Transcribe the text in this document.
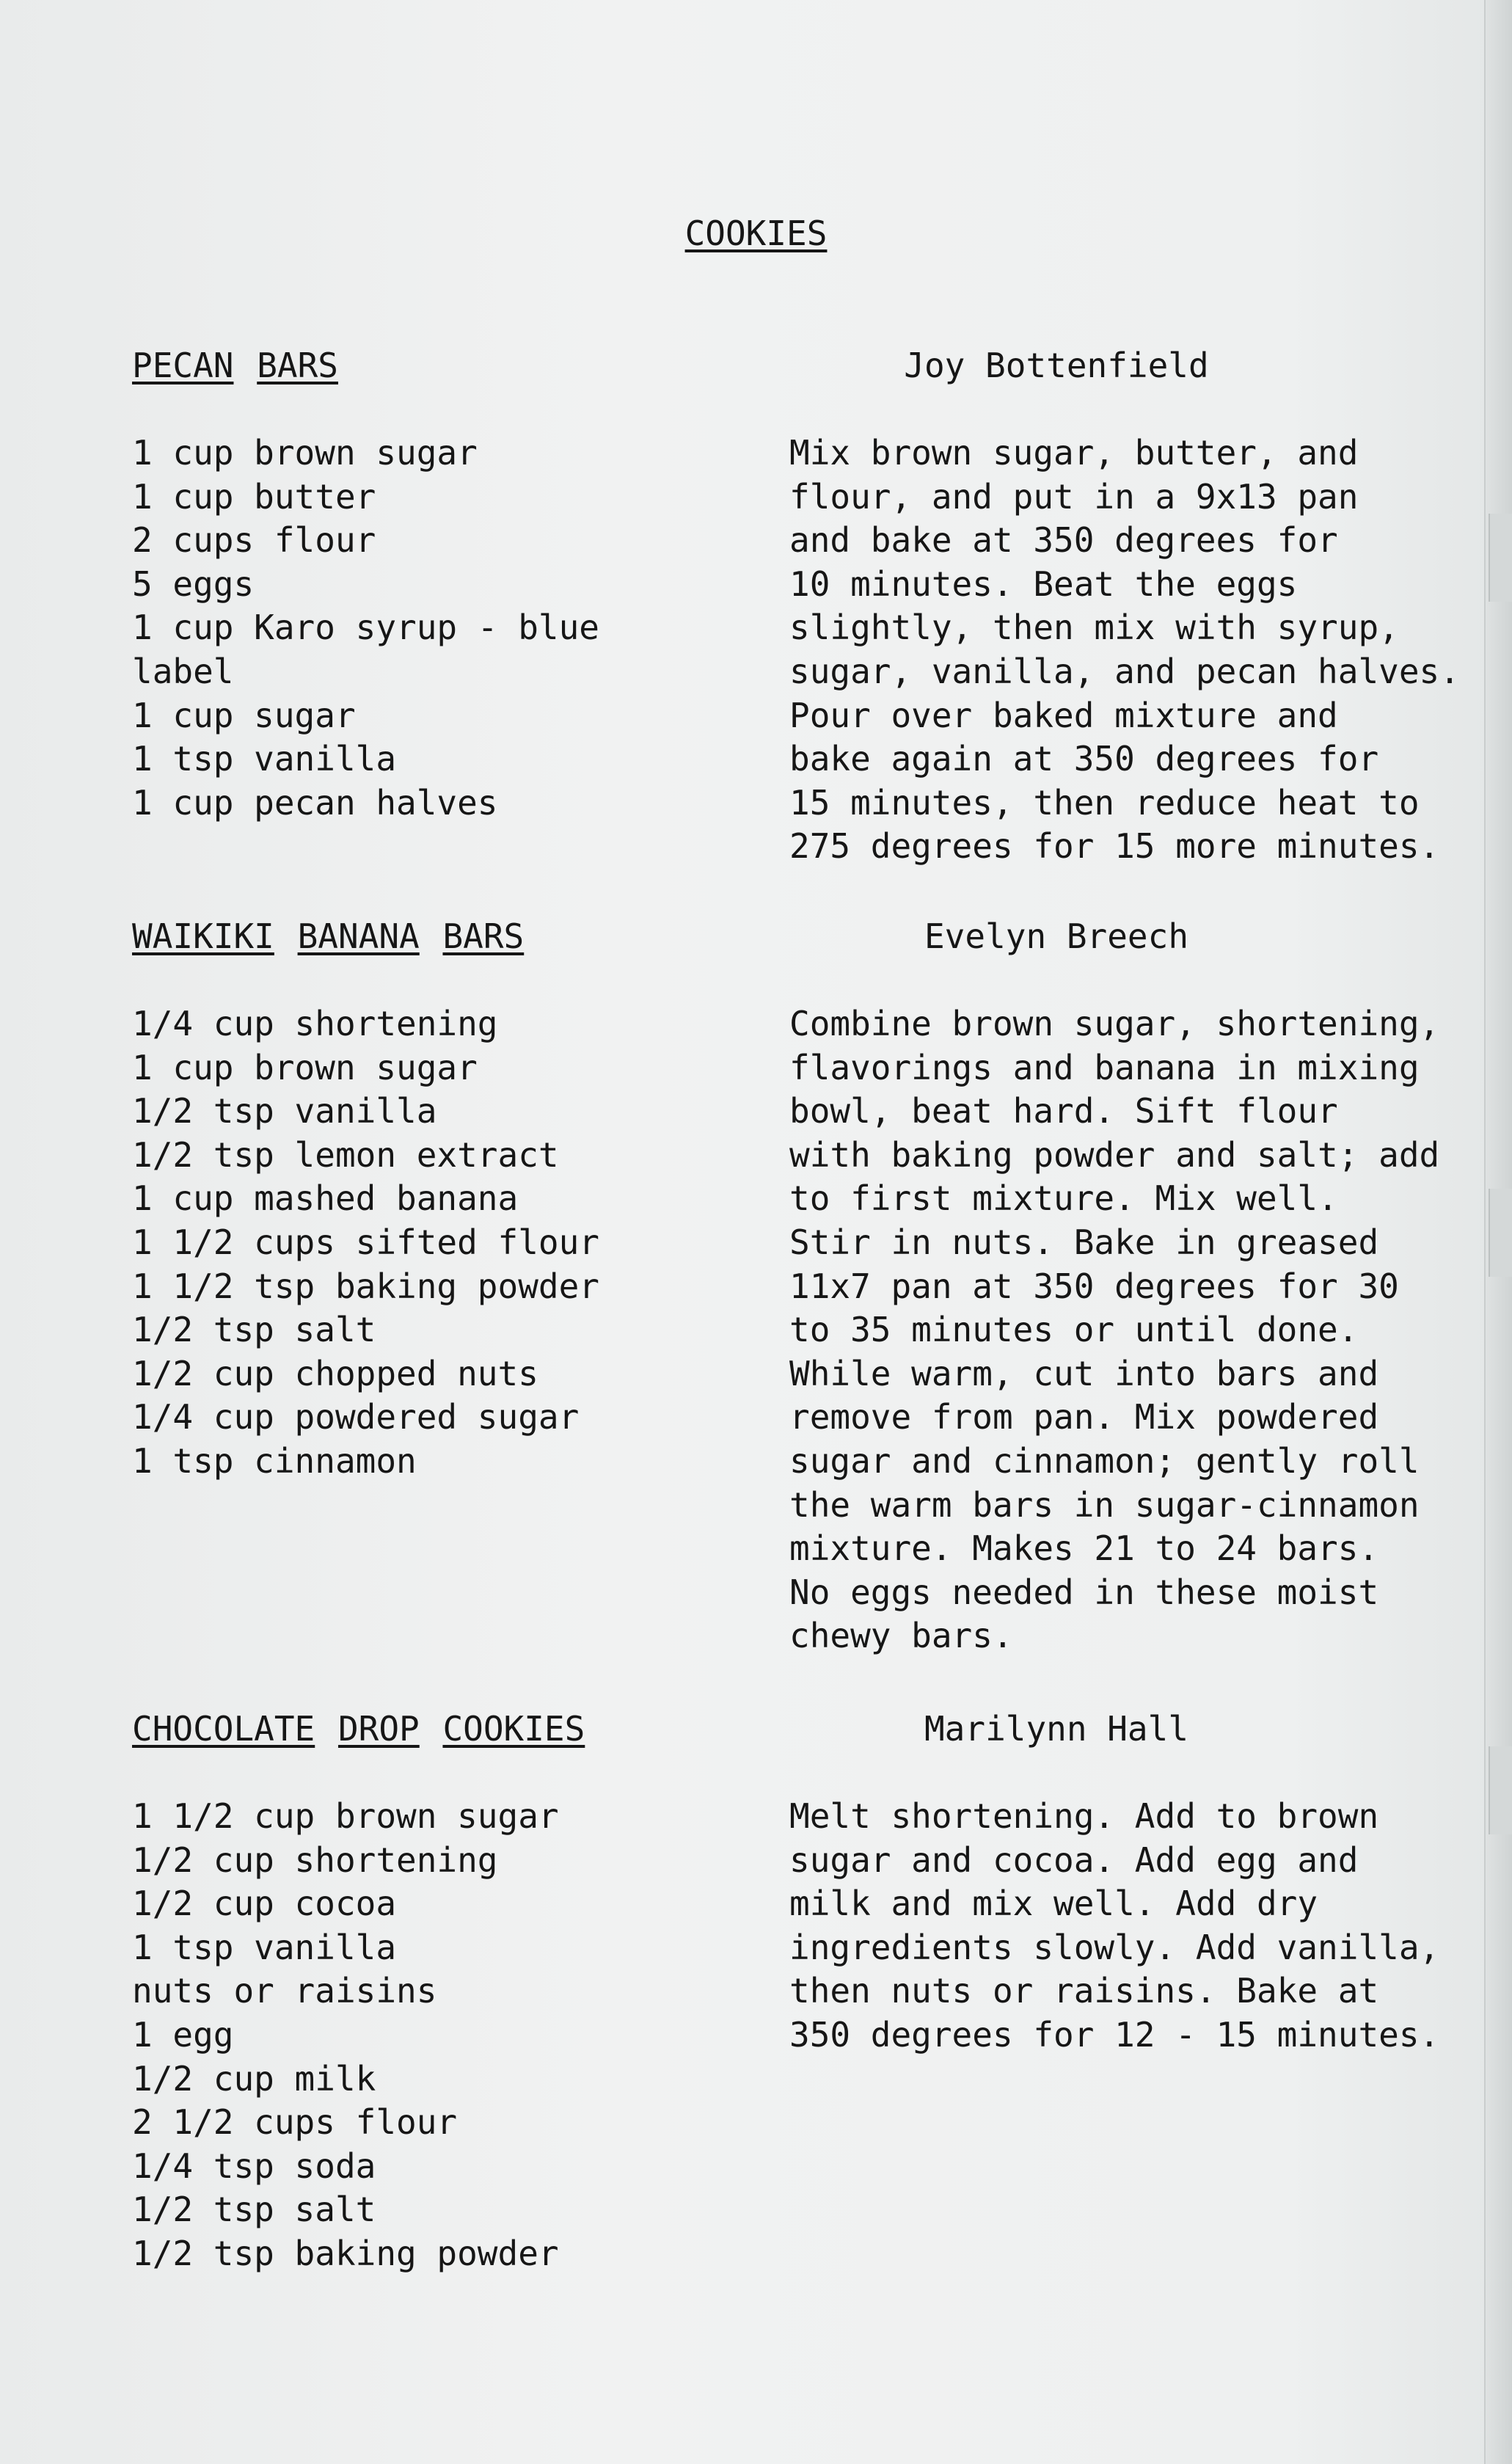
COOKIES
PECAN BARS	Joy Bottenfield
1 cup brown sugar
1 cup butter
2 cups flour
5 eggs
1 cup Karo syrup - blue
label
1 cup sugar
1 tsp vanilla
1 cup pecan halves

Mix brown sugar, butter, and
flour, and put in a 9x13 pan
and bake at 350 degrees for
10 minutes. Beat the eggs
slightly, then mix with syrup,
sugar, vanilla, and pecan halves.
Pour over baked mixture and
bake again at 350 degrees for
15 minutes, then reduce heat to
275 degrees for 15 more minutes.

WAIKIKI BANANA BARS	Evelyn Breech
1/4 cup shortening
1 cup brown sugar
1/2 tsp vanilla
1/2 tsp lemon extract
1 cup mashed banana
1 1/2 cups sifted flour
1 1/2 tsp baking powder
1/2 tsp salt
1/2 cup chopped nuts
1/4 cup powdered sugar
1 tsp cinnamon

Combine brown sugar, shortening,
flavorings and banana in mixing
bowl, beat hard. Sift flour
with baking powder and salt; add
to first mixture. Mix well.
Stir in nuts. Bake in greased
11x7 pan at 350 degrees for 30
to 35 minutes or until done.
While warm, cut into bars and
remove from pan. Mix powdered
sugar and cinnamon; gently roll
the warm bars in sugar-cinnamon
mixture. Makes 21 to 24 bars.
No eggs needed in these moist
chewy bars.

CHOCOLATE DROP COOKIES	Marilynn Hall
1 1/2 cup brown sugar
1/2 cup shortening
1/2 cup cocoa
1 tsp vanilla
nuts or raisins
1 egg
1/2 cup milk
2 1/2 cups flour
1/4 tsp soda
1/2 tsp salt
1/2 tsp baking powder

Melt shortening. Add to brown
sugar and cocoa. Add egg and
milk and mix well. Add dry
ingredients slowly. Add vanilla,
then nuts or raisins. Bake at
350 degrees for 12 - 15 minutes.
